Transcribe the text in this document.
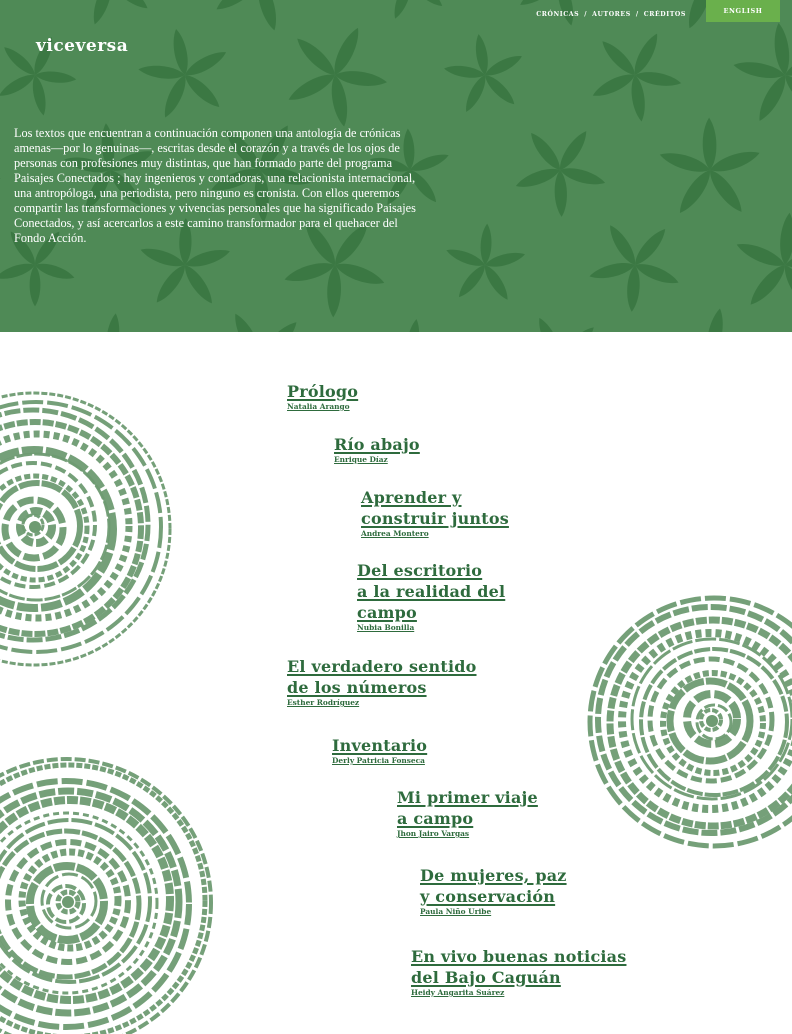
viceversa
CRÓNICAS / AUTORES / CRÉDITOS	ENGLISH

Los textos que encuentran a continuación componen una antología de crónicas amenas—por lo genuinas—, escritas desde el corazón y a través de los ojos de personas con profesiones muy distintas, que han formado parte del programa Paisajes Conectados ; hay ingenieros y contadoras, una relacionista internacional, una antropóloga, una periodista, pero ninguno es cronista. Con ellos queremos compartir las transformaciones y vivencias personales que ha significado Paisajes Conectados, y así acercarlos a este camino transformador para el quehacer del Fondo Acción.

Prólogo
Natalia Arango
Río abajo
Enrique Díaz
Aprender y
construir juntos
Andrea Montero
Del escritorio
a la realidad del
campo
Nubia Bonilla
El verdadero sentido
de los números
Esther Rodríguez
Inventario
Derly Patricia Fonseca
Mi primer viaje
a campo
Jhon Jairo Vargas
De mujeres, paz
y conservación
Paula Niño Uribe
En vivo buenas noticias
del Bajo Caguán
Heidy Angarita Suárez
